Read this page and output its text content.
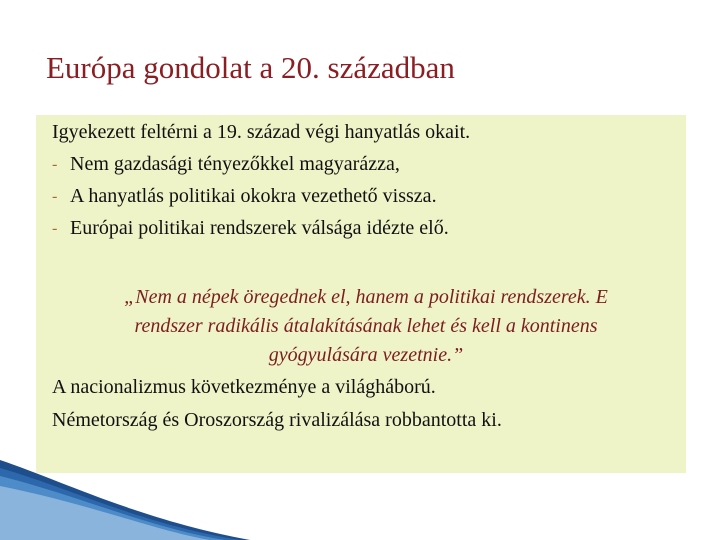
Európa gondolat a 20. században
Igyekezett feltérni a 19. század végi hanyatlás okait.
- Nem gazdasági tényezőkkel magyarázza,
- A hanyatlás politikai okokra vezethető vissza.
- Európai politikai rendszerek válsága idézte elő.
„Nem a népek öregednek el, hanem a politikai rendszerek. E
rendszer radikális átalakításának lehet és kell a kontinens
gyógyulására vezetnie.”
A nacionalizmus következménye a világháború.
Németország és Oroszország rivalizálása robbantotta ki.
